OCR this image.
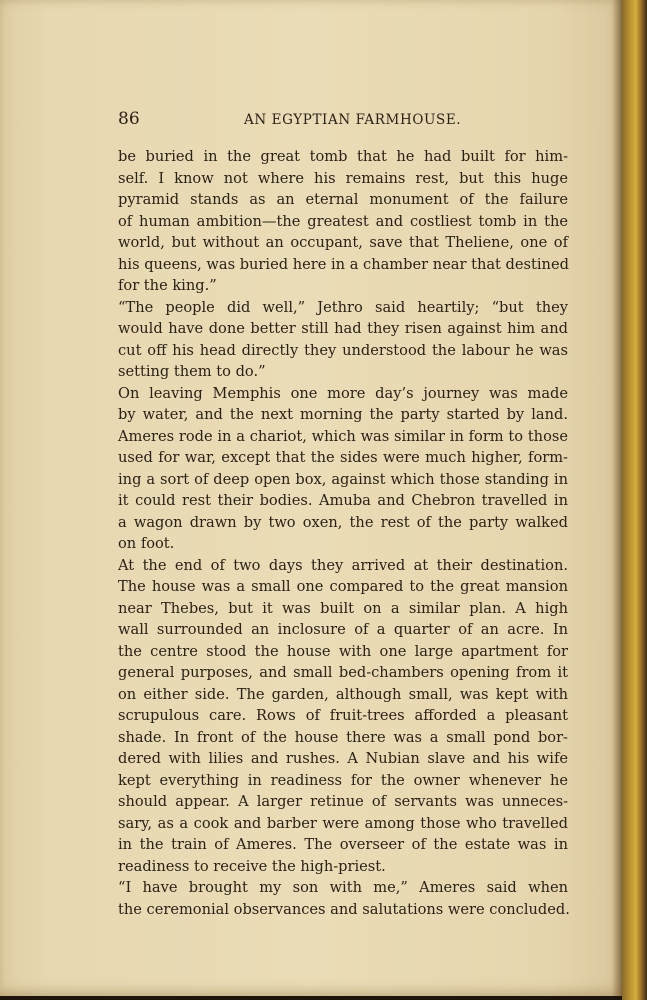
86	AN EGYPTIAN FARMHOUSE.
be buried in the great tomb that he had built for him-
self. I know not where his remains rest, but this huge
pyramid stands as an eternal monument of the failure
of human ambition—the greatest and costliest tomb in the
world, but without an occupant, save that Theliene, one of
his queens, was buried here in a chamber near that destined
for the king.”
“The people did well,” Jethro said heartily; “but they
would have done better still had they risen against him and
cut off his head directly they understood the labour he was
setting them to do.”
On leaving Memphis one more day’s journey was made
by water, and the next morning the party started by land.
Ameres rode in a chariot, which was similar in form to those
used for war, except that the sides were much higher, form-
ing a sort of deep open box, against which those standing in
it could rest their bodies. Amuba and Chebron travelled in
a wagon drawn by two oxen, the rest of the party walked
on foot.
At the end of two days they arrived at their destination.
The house was a small one compared to the great mansion
near Thebes, but it was built on a similar plan. A high
wall surrounded an inclosure of a quarter of an acre. In
the centre stood the house with one large apartment for
general purposes, and small bed-chambers opening from it
on either side. The garden, although small, was kept with
scrupulous care. Rows of fruit-trees afforded a pleasant
shade. In front of the house there was a small pond bor-
dered with lilies and rushes. A Nubian slave and his wife
kept everything in readiness for the owner whenever he
should appear. A larger retinue of servants was unneces-
sary, as a cook and barber were among those who travelled
in the train of Ameres. The overseer of the estate was in
readiness to receive the high-priest.
“I have brought my son with me,” Ameres said when
the ceremonial observances and salutations were concluded.
